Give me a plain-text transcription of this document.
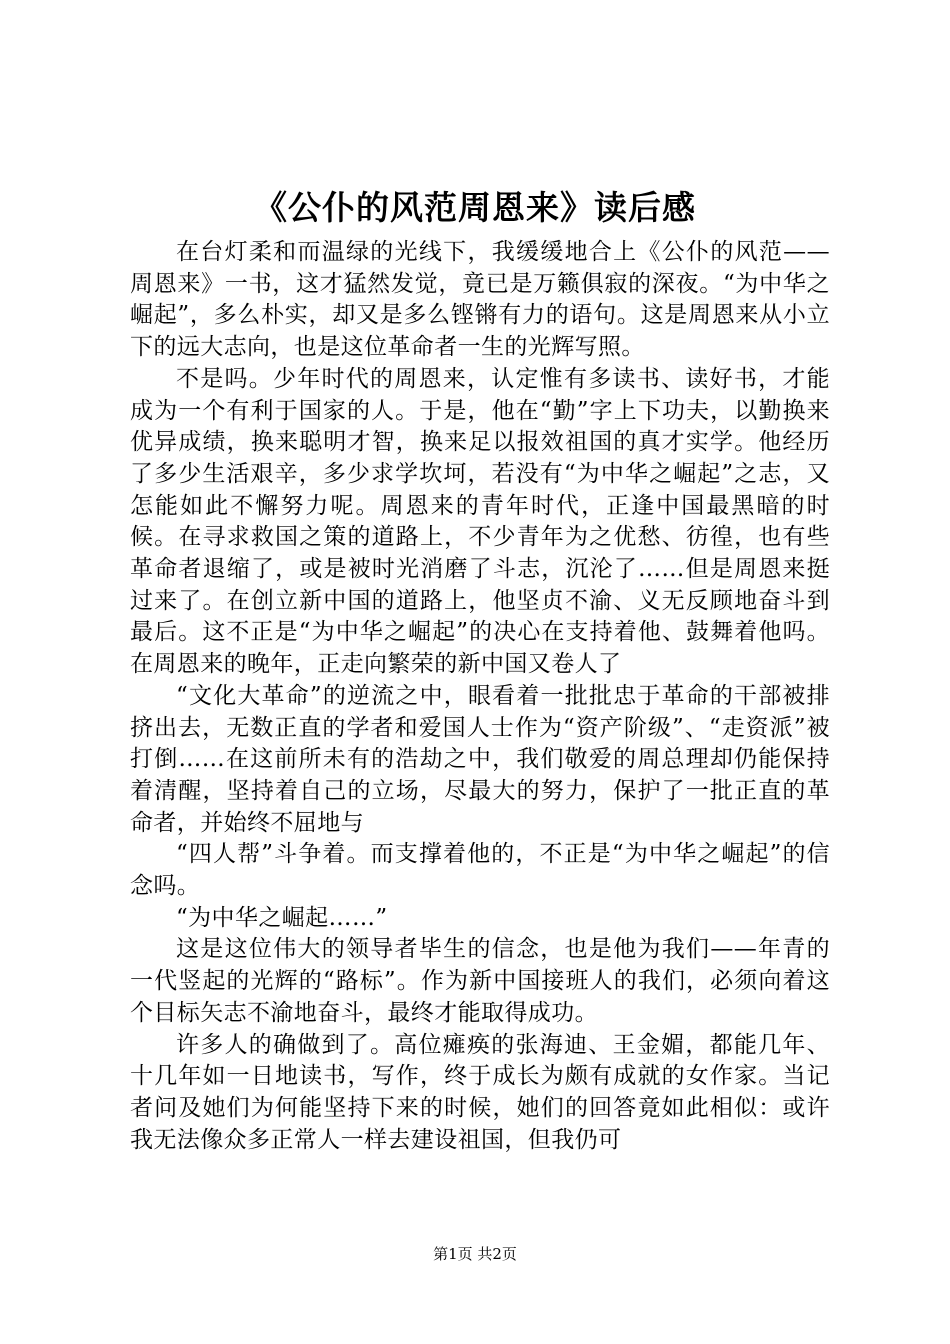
《公仆的风范周恩来》读后感

在台灯柔和而温绿的光线下，我缓缓地合上《公仆的风范——周恩来》一书，这才猛然发觉，竟已是万籁俱寂的深夜。“为中华之崛起”，多么朴实，却又是多么铿锵有力的语句。这是周恩来从小立下的远大志向，也是这位革命者一生的光辉写照。

不是吗。少年时代的周恩来，认定惟有多读书、读好书，才能成为一个有利于国家的人。于是，他在“勤”字上下功夫，以勤换来优异成绩，换来聪明才智，换来足以报效祖国的真才实学。他经历了多少生活艰辛，多少求学坎坷，若没有“为中华之崛起”之志，又怎能如此不懈努力呢。周恩来的青年时代，正逢中国最黑暗的时候。在寻求救国之策的道路上，不少青年为之优愁、彷徨，也有些革命者退缩了，或是被时光消磨了斗志，沉沦了……但是周恩来挺过来了。在创立新中国的道路上，他坚贞不渝、义无反顾地奋斗到最后。这不正是“为中华之崛起”的决心在支持着他、鼓舞着他吗。在周恩来的晚年，正走向繁荣的新中国又卷人了

“文化大革命”的逆流之中，眼看着一批批忠于革命的干部被排挤出去，无数正直的学者和爱国人士作为“资产阶级”、“走资派”被打倒……在这前所未有的浩劫之中，我们敬爱的周总理却仍能保持着清醒，坚持着自己的立场，尽最大的努力，保护了一批正直的革命者，并始终不屈地与

“四人帮”斗争着。而支撑着他的，不正是“为中华之崛起”的信念吗。

“为中华之崛起……”

这是这位伟大的领导者毕生的信念，也是他为我们——年青的一代竖起的光辉的“路标”。作为新中国接班人的我们，必须向着这个目标矢志不渝地奋斗，最终才能取得成功。

许多人的确做到了。高位瘫痪的张海迪、王金媚，都能几年、十几年如一日地读书，写作，终于成长为颇有成就的女作家。当记者问及她们为何能坚持下来的时候，她们的回答竟如此相似：或许我无法像众多正常人一样去建设祖国，但我仍可

第1页 共2页
